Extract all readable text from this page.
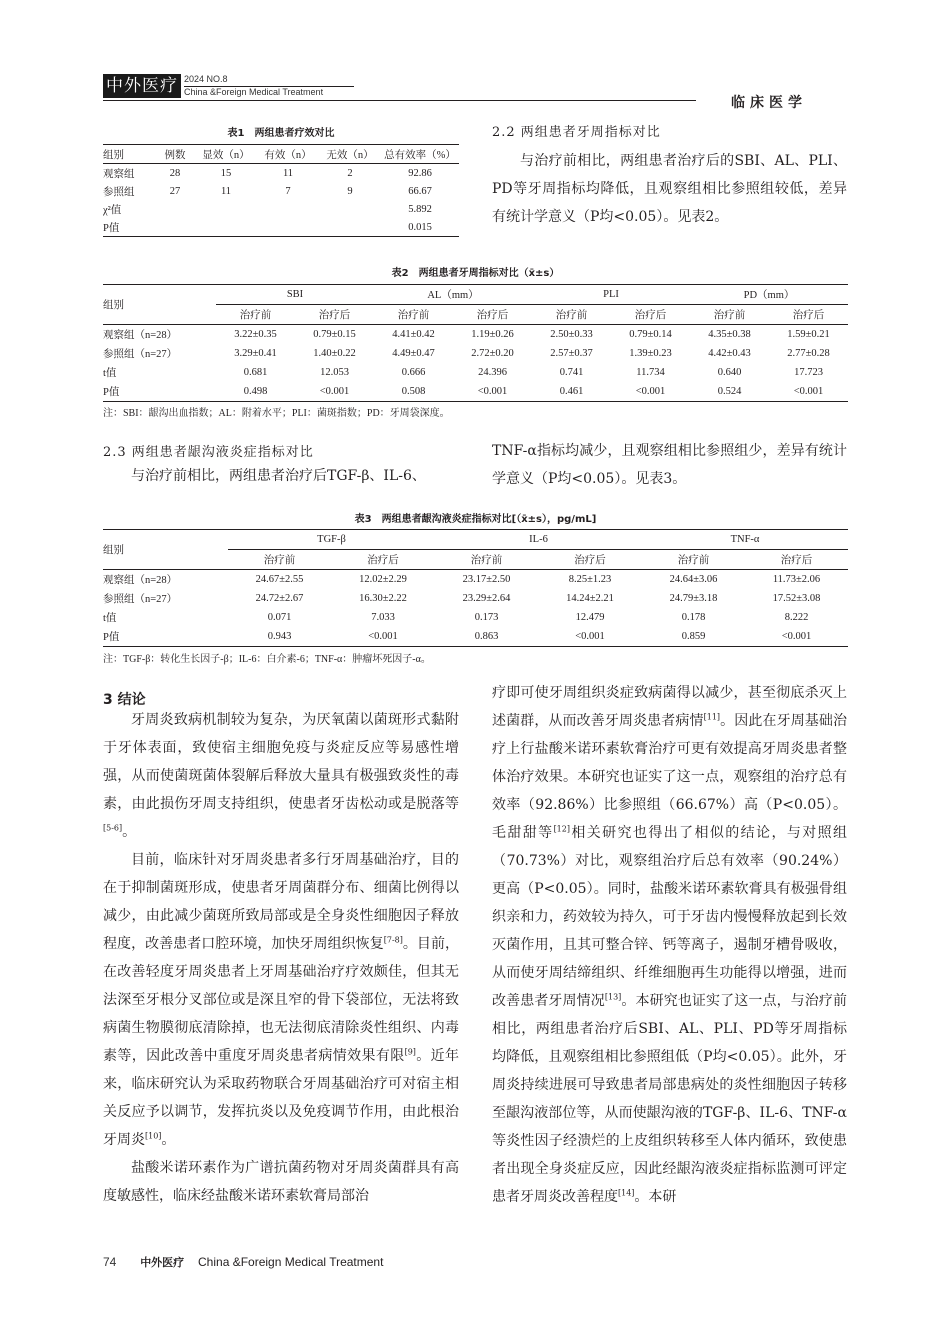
中外医疗 2024 NO.8
China &Foreign Medical Treatment
临床医学
表1　两组患者疗效对比
组别	例数	显效（n）	有效（n）	无效（n）	总有效率（%）
观察组	28	15	11	2	92.86
参照组	27	11	7	9	66.67
χ²值					5.892
P值					0.015
2.2 两组患者牙周指标对比

与治疗前相比，两组患者治疗后的SBI、AL、PLI、PD等牙周指标均降低，且观察组相比参照组较低，差异有统计学意义（P均<0.05）。见表2。

表2　两组患者牙周指标对比（x̄±s）
组别	SBI		AL（mm）		PLI		PD（mm）	
	治疗前	治疗后	治疗前	治疗后	治疗前	治疗后	治疗前	治疗后
观察组（n=28）	3.22±0.35	0.79±0.15	4.41±0.42	1.19±0.26	2.50±0.33	0.79±0.14	4.35±0.38	1.59±0.21
参照组（n=27）	3.29±0.41	1.40±0.22	4.49±0.47	2.72±0.20	2.57±0.37	1.39±0.23	4.42±0.43	2.77±0.28
t值	0.681	12.053	0.666	24.396	0.741	11.734	0.640	17.723
P值	0.498	<0.001	0.508	<0.001	0.461	<0.001	0.524	<0.001
注：SBI：龈沟出血指数；AL：附着水平；PLI：菌斑指数；PD：牙周袋深度。
2.3 两组患者龈沟液炎症指标对比

与治疗前相比，两组患者治疗后TGF-β、IL-6、

TNF-α指标均减少，且观察组相比参照组少，差异有统计学意义（P均<0.05）。见表3。

表3　两组患者龈沟液炎症指标对比[（x̄±s），pg/mL]
组别	TGF-β		IL-6		TNF-α	
	治疗前	治疗后	治疗前	治疗后	治疗前	治疗后
观察组（n=28）	24.67±2.55	12.02±2.29	23.17±2.50	8.25±1.23	24.64±3.06	11.73±2.06
参照组（n=27）	24.72±2.67	16.30±2.22	23.29±2.64	14.24±2.21	24.79±3.18	17.52±3.08
t值	0.071	7.033	0.173	12.479	0.178	8.222
P值	0.943	<0.001	0.863	<0.001	0.859	<0.001
注：TGF-β：转化生长因子-β；IL-6：白介素-6；TNF-α：肿瘤坏死因子-α。
3 结论

牙周炎致病机制较为复杂，为厌氧菌以菌斑形式黏附于牙体表面，致使宿主细胞免疫与炎症反应等易感性增强，从而使菌斑菌体裂解后释放大量具有极强致炎性的毒素，由此损伤牙周支持组织，使患者牙齿松动或是脱落等[5-6]。

目前，临床针对牙周炎患者多行牙周基础治疗，目的在于抑制菌斑形成，使患者牙周菌群分布、细菌比例得以减少，由此减少菌斑所致局部或是全身炎性细胞因子释放程度，改善患者口腔环境，加快牙周组织恢复[7-8]。目前，在改善轻度牙周炎患者上牙周基础治疗疗效颇佳，但其无法深至牙根分叉部位或是深且窄的骨下袋部位，无法将致病菌生物膜彻底清除掉，也无法彻底清除炎性组织、内毒素等，因此改善中重度牙周炎患者病情效果有限[9]。近年来，临床研究认为采取药物联合牙周基础治疗可对宿主相关反应予以调节，发挥抗炎以及免疫调节作用，由此根治牙周炎[10]。

盐酸米诺环素作为广谱抗菌药物对牙周炎菌群具有高度敏感性，临床经盐酸米诺环素软膏局部治

疗即可使牙周组织炎症致病菌得以减少，甚至彻底杀灭上述菌群，从而改善牙周炎患者病情[11]。因此在牙周基础治疗上行盐酸米诺环素软膏治疗可更有效提高牙周炎患者整体治疗效果。本研究也证实了这一点，观察组的治疗总有效率（92.86%）比参照组（66.67%）高（P<0.05）。毛甜甜等[12]相关研究也得出了相似的结论，与对照组（70.73%）对比，观察组治疗后总有效率（90.24%）更高（P<0.05）。同时，盐酸米诺环素软膏具有极强骨组织亲和力，药效较为持久，可于牙齿内慢慢释放起到长效灭菌作用，且其可整合锌、钙等离子，遏制牙槽骨吸收，从而使牙周结缔组织、纤维细胞再生功能得以增强，进而改善患者牙周情况[13]。本研究也证实了这一点，与治疗前相比，两组患者治疗后SBI、AL、PLI、PD等牙周指标均降低，且观察组相比参照组低（P均<0.05）。此外，牙周炎持续进展可导致患者局部患病处的炎性细胞因子转移至龈沟液部位等，从而使龈沟液的TGF-β、IL-6、TNF-α等炎性因子经溃烂的上皮组织转移至人体内循环，致使患者出现全身炎症反应，因此经龈沟液炎症指标监测可评定患者牙周炎改善程度[14]。本研

74 中外医疗 China &Foreign Medical Treatment
